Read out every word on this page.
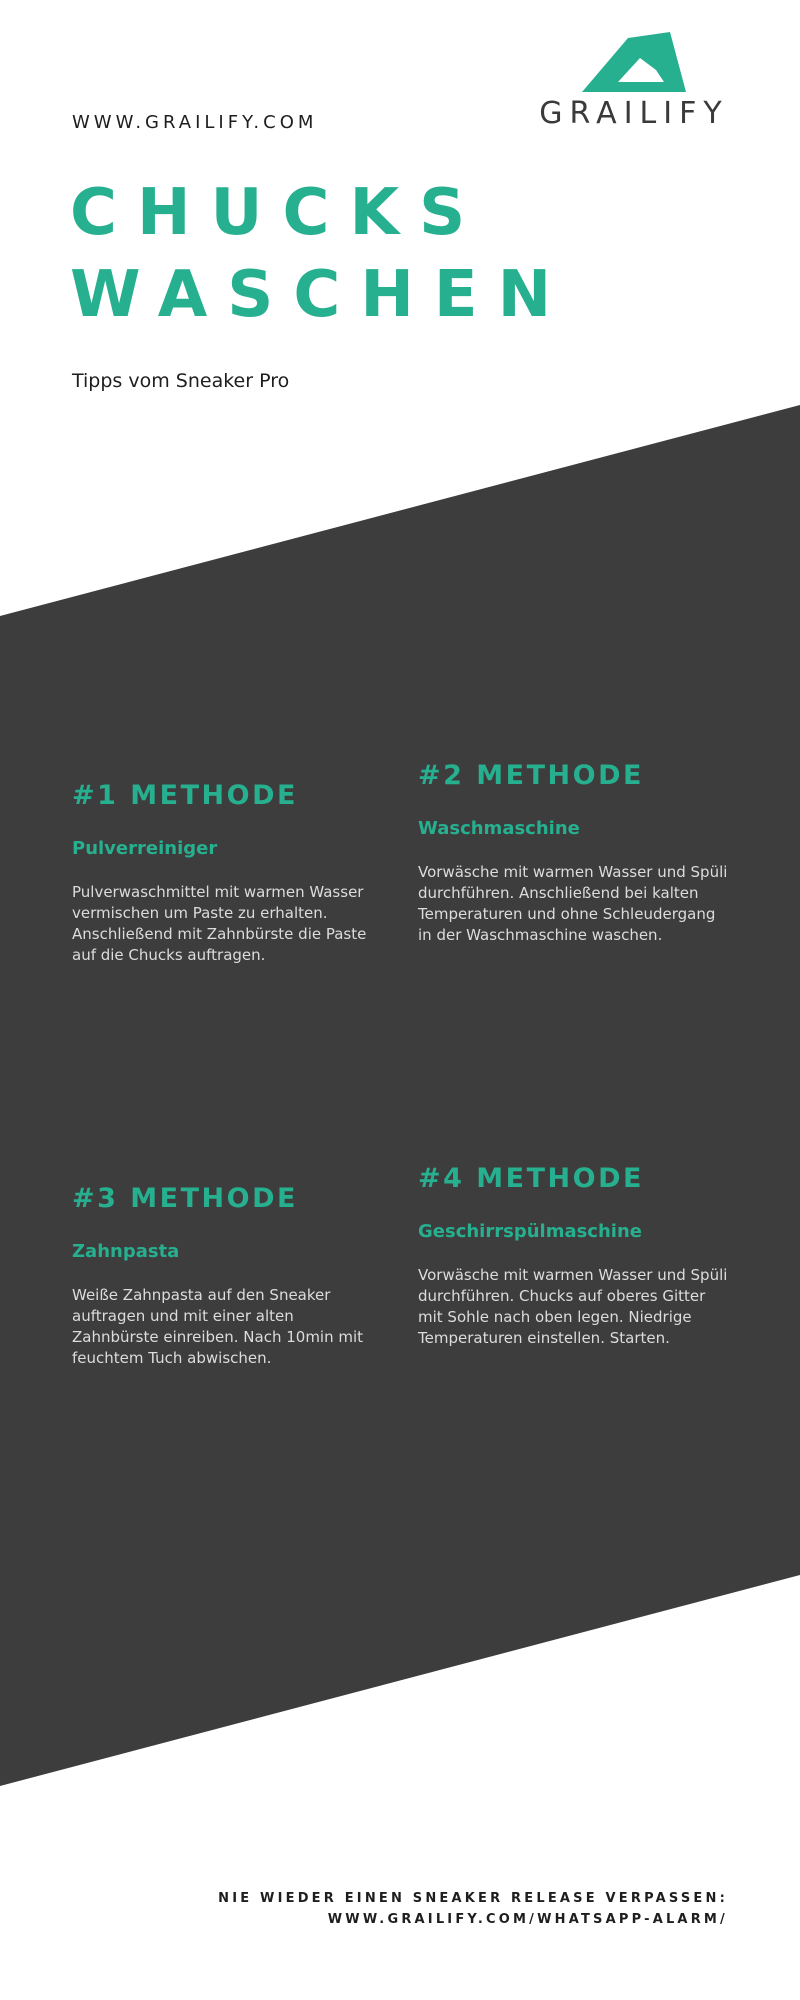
WWW.GRAILIFY.COM	GRAILIFY
CHUCKS
WASCHEN
Tipps vom Sneaker Pro
#1 METHODE
Pulverreiniger
Pulverwaschmittel mit warmen Wasser vermischen um Paste zu erhalten. Anschließend mit Zahnbürste die Paste auf die Chucks auftragen.
#2 METHODE
Waschmaschine
Vorwäsche mit warmen Wasser und Spüli durchführen. Anschließend bei kalten Temperaturen und ohne Schleudergang in der Waschmaschine waschen.
#3 METHODE
Zahnpasta
Weiße Zahnpasta auf den Sneaker auftragen und mit einer alten Zahnbürste einreiben. Nach 10min mit feuchtem Tuch abwischen.
#4 METHODE
Geschirrspülmaschine
Vorwäsche mit warmen Wasser und Spüli durchführen. Chucks auf oberes Gitter mit Sohle nach oben legen. Niedrige Temperaturen einstellen. Starten.
NIE WIEDER EINEN SNEAKER RELEASE VERPASSEN:
WWW.GRAILIFY.COM/WHATSAPP-ALARM/
